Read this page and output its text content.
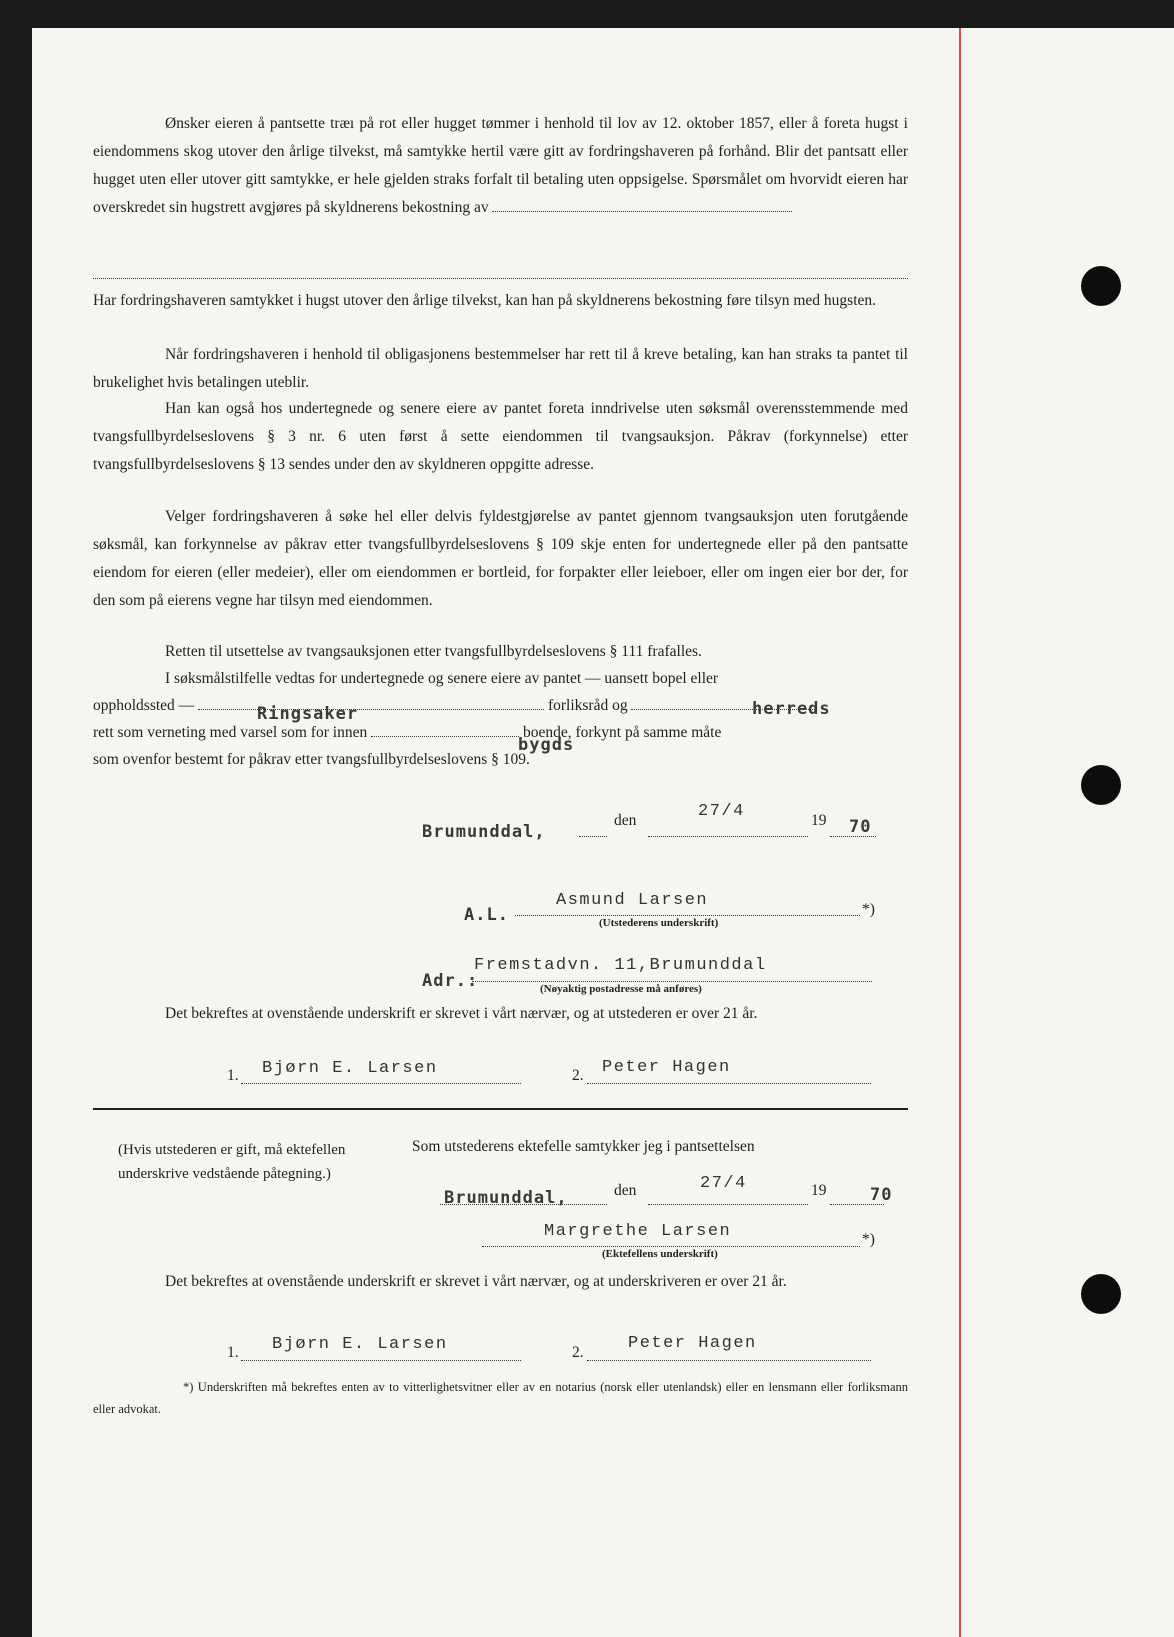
Ønsker eieren å pantsette træı på rot eller hugget tømmer i henhold til lov av 12. oktober 1857, eller å foreta hugst i eiendommens skog utover den årlige tilvekst, må samtykke hertil være gitt av fordringshaveren på forhånd. Blir det pantsatt eller hugget uten eller utover gitt samtykke, er hele gjelden straks forfalt til betaling uten oppsigelse. Spørsmålet om hvorvidt eieren har overskredet sin hugstrett avgjøres på skyldnerens bekostning av

Har fordringshaveren samtykket i hugst utover den årlige tilvekst, kan han på skyldnerens bekostning føre tilsyn med hugsten.

Når fordringshaveren i henhold til obligasjonens bestemmelser har rett til å kreve betaling, kan han straks ta pantet til brukelighet hvis betalingen uteblir.

Han kan også hos undertegnede og senere eiere av pantet foreta inndrivelse uten søksmål overensstemmende med tvangsfullbyrdelseslovens § 3 nr. 6 uten først å sette eiendommen til tvangsauksjon. Påkrav (forkynnelse) etter tvangsfullbyrdelseslovens § 13 sendes under den av skyldneren oppgitte adresse.

Velger fordringshaveren å søke hel eller delvis fyldestgjørelse av pantet gjennom tvangsauksjon uten forutgående søksmål, kan forkynnelse av påkrav etter tvangsfullbyrdelseslovens § 109 skje enten for undertegnede eller på den pantsatte eiendom for eieren (eller medeier), eller om eiendommen er bortleid, for forpakter eller leieboer, eller om ingen eier bor der, for den som på eierens vegne har tilsyn med eiendommen.

Retten til utsettelse av tvangsauksjonen etter tvangsfullbyrdelseslovens § 111 frafalles.

I søksmålstilfelle vedtas for undertegnede og senere eiere av pantet — uansett bopel eller

oppholdssted —	forliksråd og
rett som verneting med varsel som for innen	boende, forkynt på samme måte
som ovenfor bestemt for påkrav etter tvangsfullbyrdelseslovens § 109.
Ringsaker	herreds
bygds
Brumunddal,
den	27/4	19 70
A.L.
Asmund Larsen	*)
(Utstederens underskrift)
Adr.:
Fremstadvn. 11,Brumunddal
(Nøyaktig postadresse må anføres)

Det bekreftes at ovenstående underskrift er skrevet i vårt nærvær, og at utstederen er over 21 år.

1. Bjørn E. Larsen	2. Peter Hagen
(Hvis utstederen er gift, må ektefellen underskrive vedstående påtegning.)
Som utstederens ektefelle samtykker jeg i pantsettelsen
Brumunddal,	den	27/4	19	70
Margrethe Larsen	*)
(Ektefellens underskrift)

Det bekreftes at ovenstående underskrift er skrevet i vårt nærvær, og at underskriveren er over 21 år.

1. Bjørn E. Larsen	2.	Peter Hagen
*) Underskriften må bekreftes enten av to vitterlighetsvitner eller av en notarius (norsk eller utenlandsk) eller en lensmann eller forliksmann eller advokat.
